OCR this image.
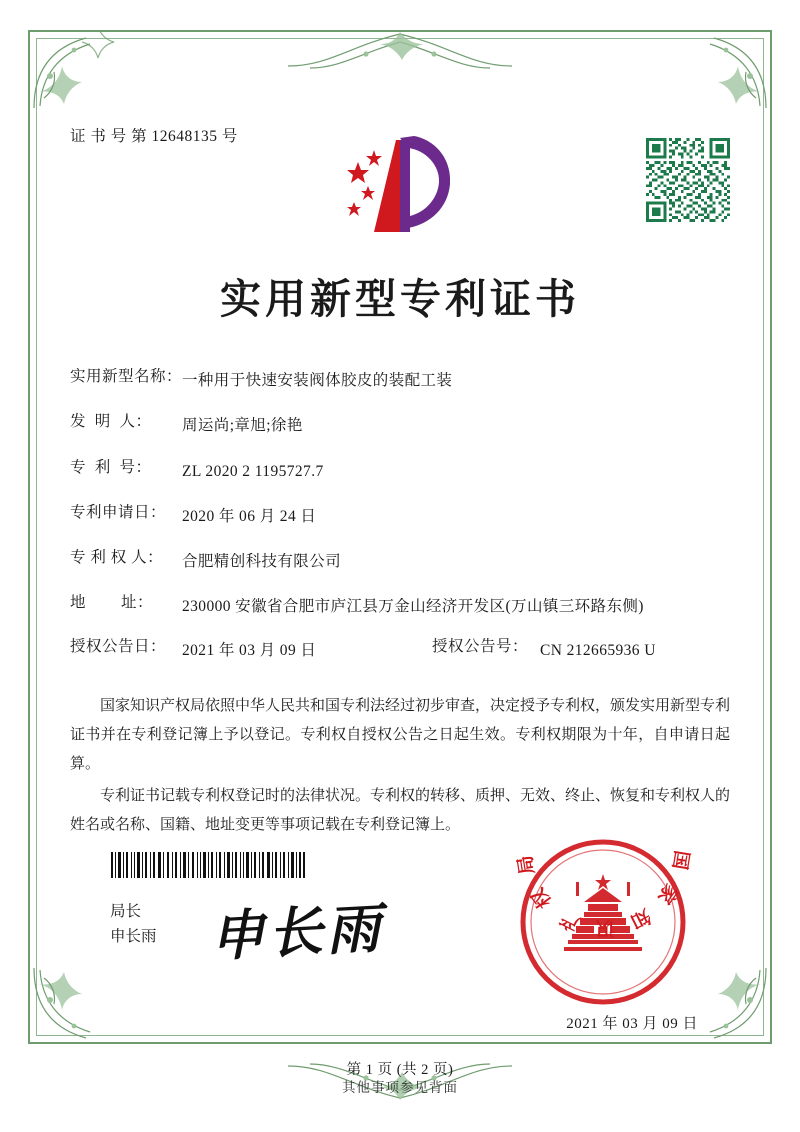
证 书 号 第 12648135 号
实用新型专利证书
实用新型名称： 一种用于快速安装阀体胶皮的装配工装
发  明  人：	周运尚;章旭;徐艳
专  利  号：	ZL 2020 2 1195727.7
专利申请日：	2020 年 06 月 24 日
专 利 权 人：	合肥精创科技有限公司
地        址：	230000 安徽省合肥市庐江县万金山经济开发区(万山镇三环路东侧)
授权公告日：	2021 年 03 月 09 日	授权公告号： CN 212665936 U

国家知识产权局依照中华人民共和国专利法经过初步审查，决定授予专利权，颁发实用新型专利证书并在专利登记簿上予以登记。专利权自授权公告之日起生效。专利权期限为十年，自申请日起算。

专利证书记载专利权登记时的法律状况。专利权的转移、质押、无效、终止、恢复和专利权人的姓名或名称、国籍、地址变更等事项记载在专利登记簿上。

局长
申长雨 申长雨
国 家 知 识 产 权 局
2021 年 03 月 09 日
第 1 页 (共 2 页)
其他事项参见背面
